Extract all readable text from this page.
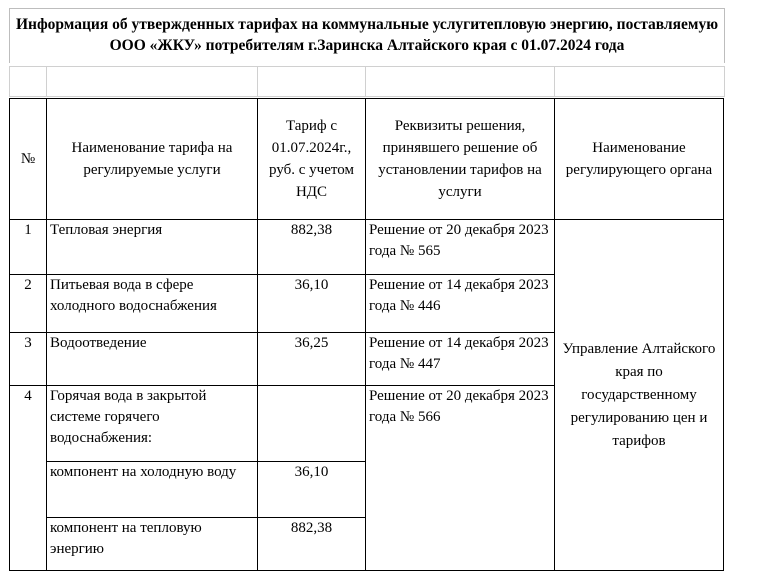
Информация об утвержденных тарифах на коммунальные услугитепловую энергию, поставляемую
ООО «ЖКУ» потребителям г.Заринска Алтайского края с 01.07.2024 года
№	Наименование тарифа на регулируемые услуги	Тариф с 01.07.2024г., руб. с учетом НДС	Реквизиты решения, принявшего решение об установлении тарифов на услуги	Наименование регулирующего органа
1	Тепловая энергия	882,38	Решение от 20 декабря 2023 года № 565	Управление Алтайского края по государственному регулированию цен и тарифов
2	Питьевая вода в сфере холодного водоснабжения	36,10	Решение от 14 декабря 2023 года № 446	
3	Водоотведение	36,25	Решение от 14 декабря 2023 года № 447	
4	Горячая вода в закрытой системе горячего водоснабжения:		Решение от 20 декабря 2023 года № 566	
	компонент на холодную воду	36,10		
	компонент на тепловую энергию	882,38		
